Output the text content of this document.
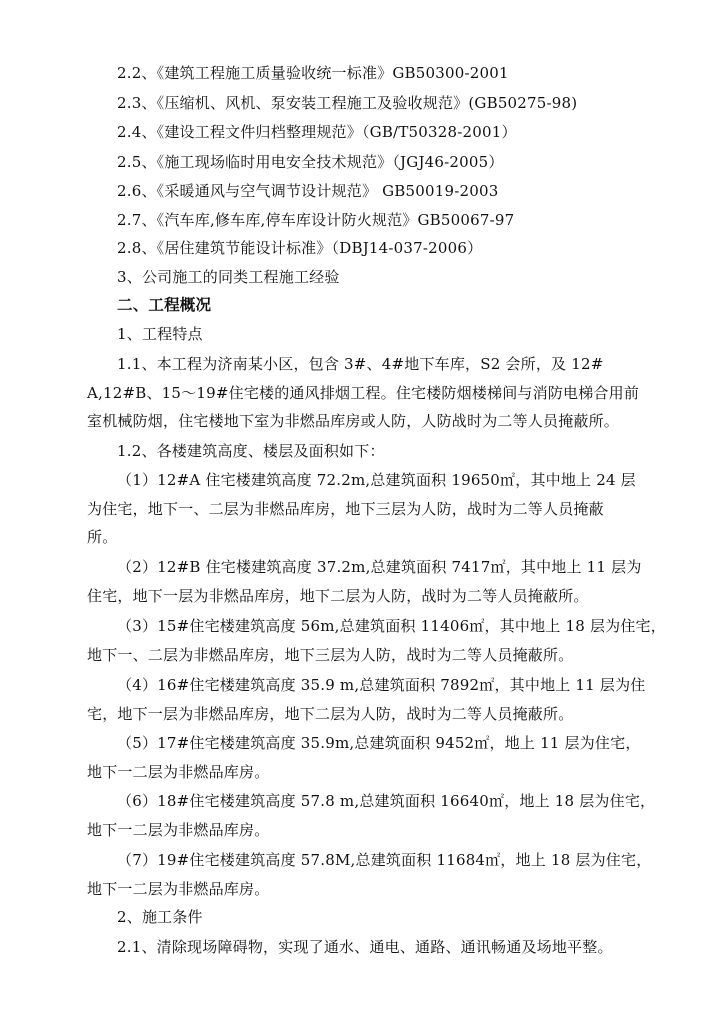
2.2、《建筑工程施工质量验收统一标准》GB50300-2001
2.3、《压缩机、风机、泵安装工程施工及验收规范》(GB50275-98)
2.4、《建设工程文件归档整理规范》（GB/T50328-2001）
2.5、《施工现场临时用电安全技术规范》（JGJ46-2005）
2.6、《采暖通风与空气调节设计规范》 GB50019-2003
2.7、《汽车库,修车库,停车库设计防火规范》GB50067-97
2.8、《居住建筑节能设计标准》（DBJ14-037-2006）
3、公司施工的同类工程施工经验
二、工程概况
1、工程特点
1.1、本工程为济南某小区，包含 3#、4#地下车库，S2 会所，及 12#
A,12#B、15～19#住宅楼的通风排烟工程。住宅楼防烟楼梯间与消防电梯合用前
室机械防烟，住宅楼地下室为非燃品库房或人防，人防战时为二等人员掩蔽所。
1.2、各楼建筑高度、楼层及面积如下：
（1）12#A 住宅楼建筑高度 72.2m,总建筑面积 19650㎡，其中地上 24 层
为住宅，地下一、二层为非燃品库房，地下三层为人防，战时为二等人员掩蔽
所。
（2）12#B 住宅楼建筑高度 37.2m,总建筑面积 7417㎡，其中地上 11 层为
住宅，地下一层为非燃品库房，地下二层为人防，战时为二等人员掩蔽所。
（3）15#住宅楼建筑高度 56m,总建筑面积 11406㎡，其中地上 18 层为住宅，
地下一、二层为非燃品库房，地下三层为人防，战时为二等人员掩蔽所。
（4）16#住宅楼建筑高度 35.9 m,总建筑面积 7892㎡，其中地上 11 层为住
宅，地下一层为非燃品库房，地下二层为人防，战时为二等人员掩蔽所。
（5）17#住宅楼建筑高度 35.9m,总建筑面积 9452㎡，地上 11 层为住宅，
地下一二层为非燃品库房。
（6）18#住宅楼建筑高度 57.8 m,总建筑面积 16640㎡，地上 18 层为住宅，
地下一二层为非燃品库房。
（7）19#住宅楼建筑高度 57.8M,总建筑面积 11684㎡，地上 18 层为住宅，
地下一二层为非燃品库房。
2、施工条件
2.1、清除现场障碍物，实现了通水、通电、通路、通讯畅通及场地平整。
